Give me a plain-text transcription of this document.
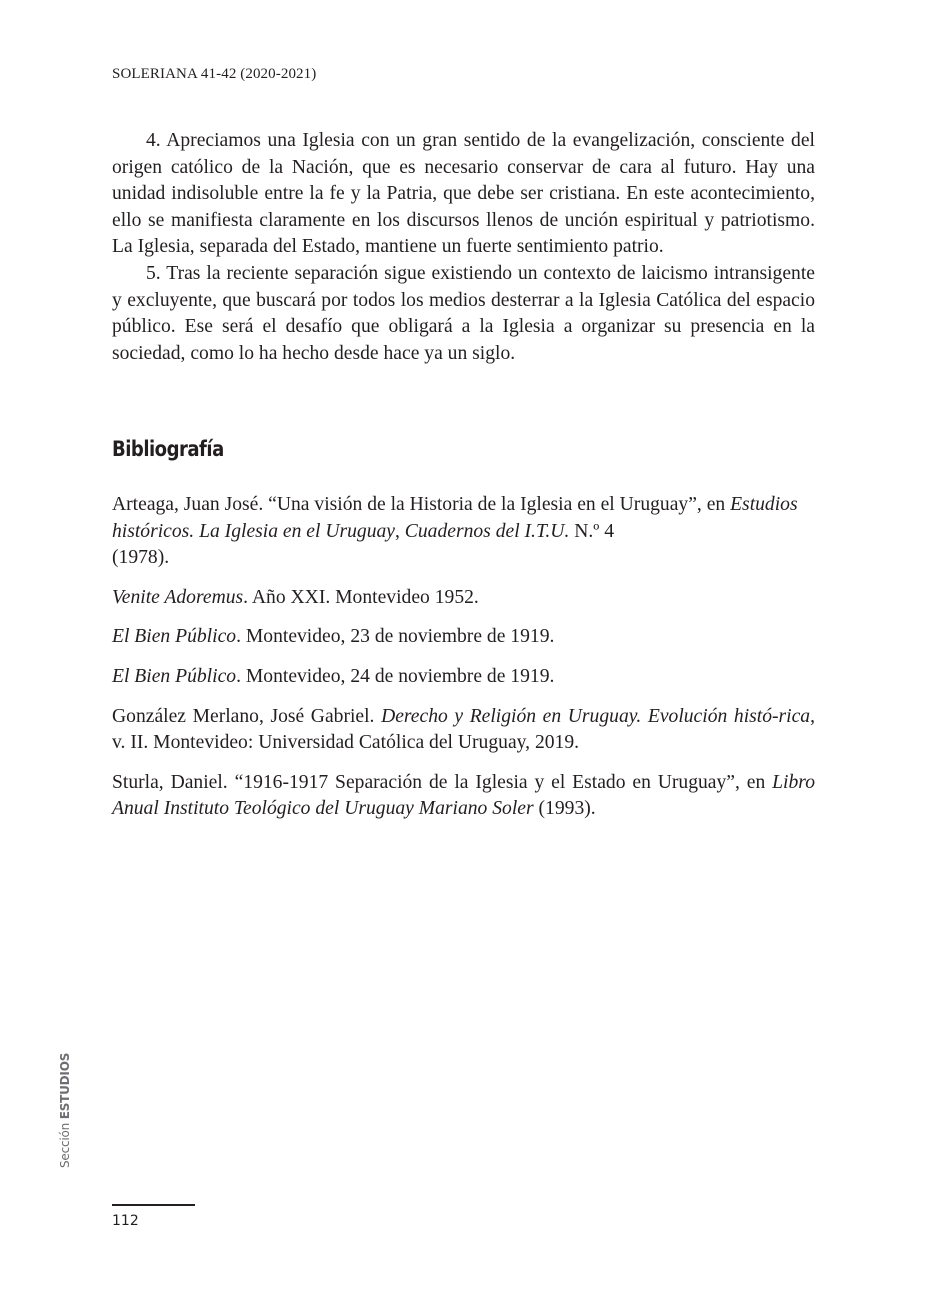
SOLERIANA 41-42 (2020-2021)

4. Apreciamos una Iglesia con un gran sentido de la evangelización, consciente del origen católico de la Nación, que es necesario conservar de cara al futuro. Hay una unidad indisoluble entre la fe y la Patria, que debe ser cristiana. En este acontecimiento, ello se manifiesta claramente en los discursos llenos de unción espiritual y patriotismo. La Iglesia, separada del Estado, mantiene un fuerte sentimiento patrio.

5. Tras la reciente separación sigue existiendo un contexto de laicismo intransigente y excluyente, que buscará por todos los medios desterrar a la Iglesia Católica del espacio público. Ese será el desafío que obligará a la Iglesia a organizar su presencia en la sociedad, como lo ha hecho desde hace ya un siglo.

Bibliografía
Arteaga, Juan José. “Una visión de la Historia de la Iglesia en el Uruguay”, en Estudios históricos. La Iglesia en el Uruguay, Cuadernos del I.T.U. N.º 4
(1978).
Venite Adoremus. Año XXI. Montevideo 1952.
El Bien Público. Montevideo, 23 de noviembre de 1919.
El Bien Público. Montevideo, 24 de noviembre de 1919.
González Merlano, José Gabriel. Derecho y Religión en Uruguay. Evolución histó-rica, v. II. Montevideo: Universidad Católica del Uruguay, 2019.
Sturla, Daniel. “1916-1917 Separación de la Iglesia y el Estado en Uruguay”, en Libro Anual Instituto Teológico del Uruguay Mariano Soler (1993).
Sección ESTUDIOS
112
